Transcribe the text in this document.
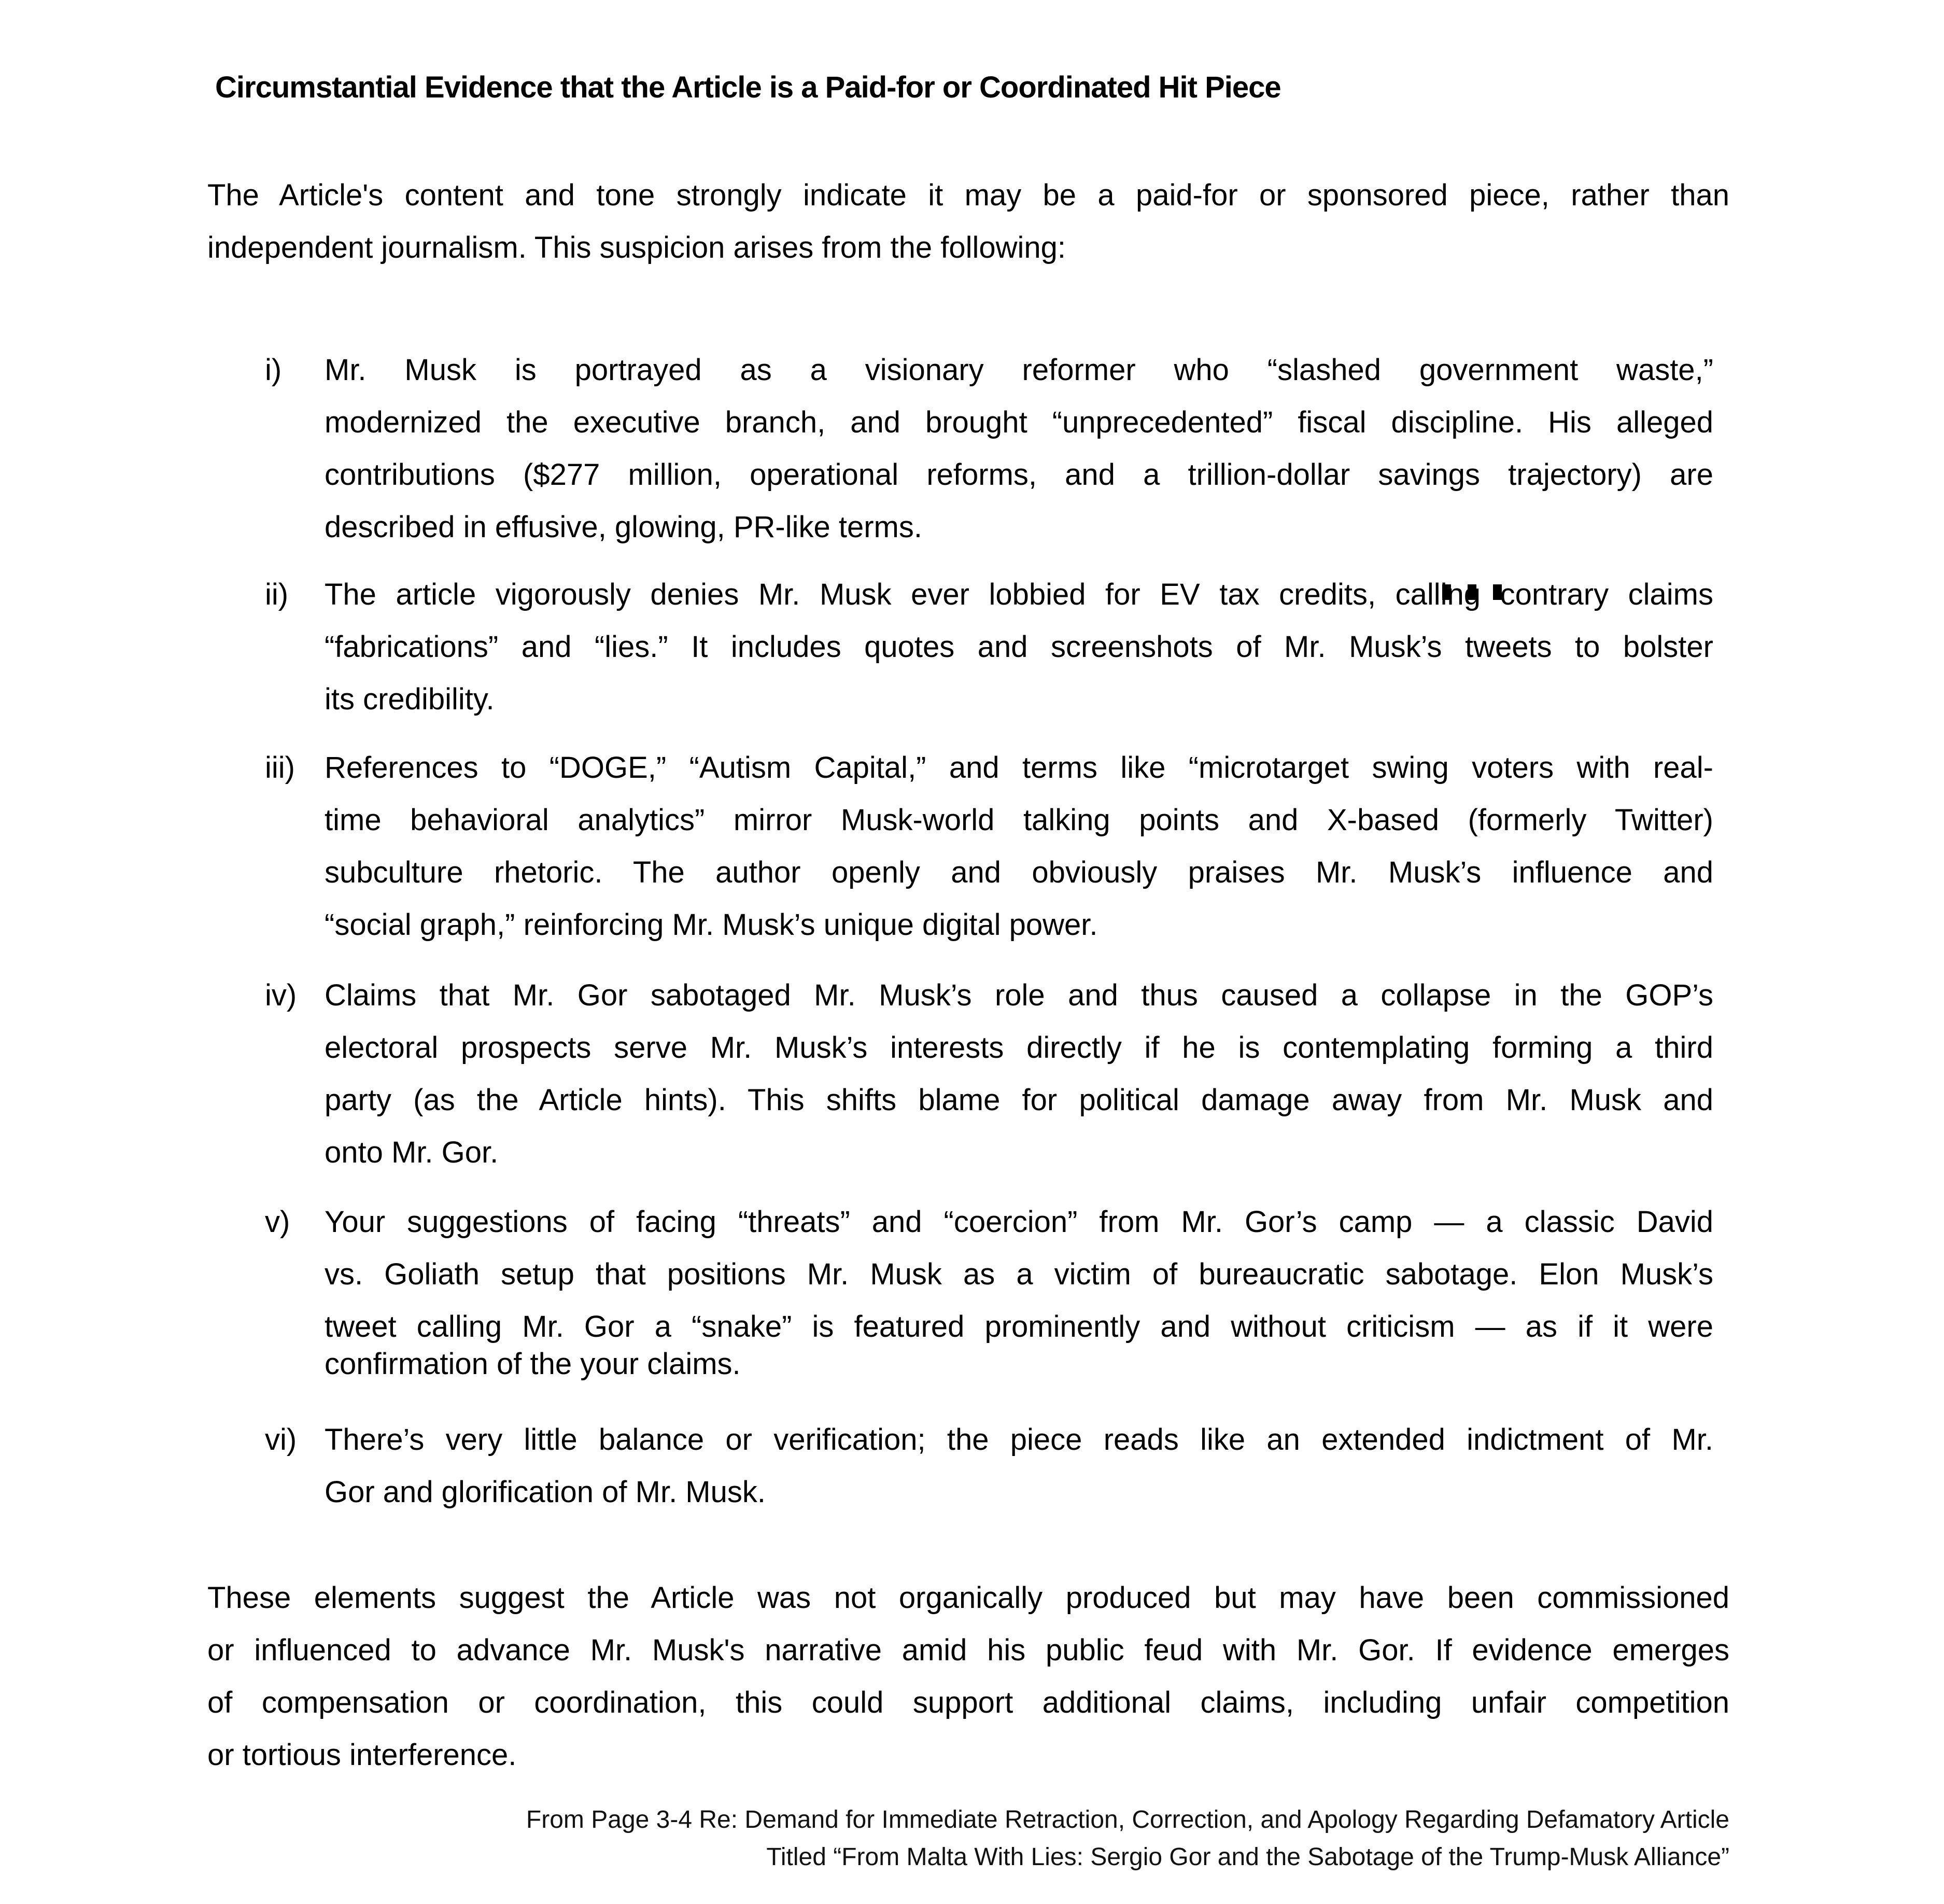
Circumstantial Evidence that the Article is a Paid-for or Coordinated Hit Piece
The Article's content and tone strongly indicate it may be a paid-for or sponsored piece, rather than
independent journalism. This suspicion arises from the following:
i) Mr. Musk is portrayed as a visionary reformer who “slashed government waste,”
modernized the executive branch, and brought “unprecedented” fiscal discipline. His alleged
contributions ($277 million, operational reforms, and a trillion-dollar savings trajectory) are
described in effusive, glowing, PR-like terms.
ii) The article vigorously denies Mr. Musk ever lobbied for EV tax credits, calling contrary claims
“fabrications” and “lies.” It includes quotes and screenshots of Mr. Musk’s tweets to bolster
its credibility.
iii) References to “DOGE,” “Autism Capital,” and terms like “microtarget swing voters with real-
time behavioral analytics” mirror Musk-world talking points and X-based (formerly Twitter)
subculture rhetoric. The author openly and obviously praises Mr. Musk’s influence and
“social graph,” reinforcing Mr. Musk’s unique digital power.
iv) Claims that Mr. Gor sabotaged Mr. Musk’s role and thus caused a collapse in the GOP’s
electoral prospects serve Mr. Musk’s interests directly if he is contemplating forming a third
party (as the Article hints). This shifts blame for political damage away from Mr. Musk and
onto Mr. Gor.
v) Your suggestions of facing “threats” and “coercion” from Mr. Gor’s camp — a classic David
vs. Goliath setup that positions Mr. Musk as a victim of bureaucratic sabotage. Elon Musk’s
tweet calling Mr. Gor a “snake” is featured prominently and without criticism — as if it were
confirmation of the your claims.
vi) There’s very little balance or verification; the piece reads like an extended indictment of Mr.
Gor and glorification of Mr. Musk.
These elements suggest the Article was not organically produced but may have been commissioned
or influenced to advance Mr. Musk's narrative amid his public feud with Mr. Gor. If evidence emerges
of compensation or coordination, this could support additional claims, including unfair competition
or tortious interference.
From Page 3-4 Re: Demand for Immediate Retraction, Correction, and Apology Regarding Defamatory Article
Titled “From Malta With Lies: Sergio Gor and the Sabotage of the Trump-Musk Alliance”
